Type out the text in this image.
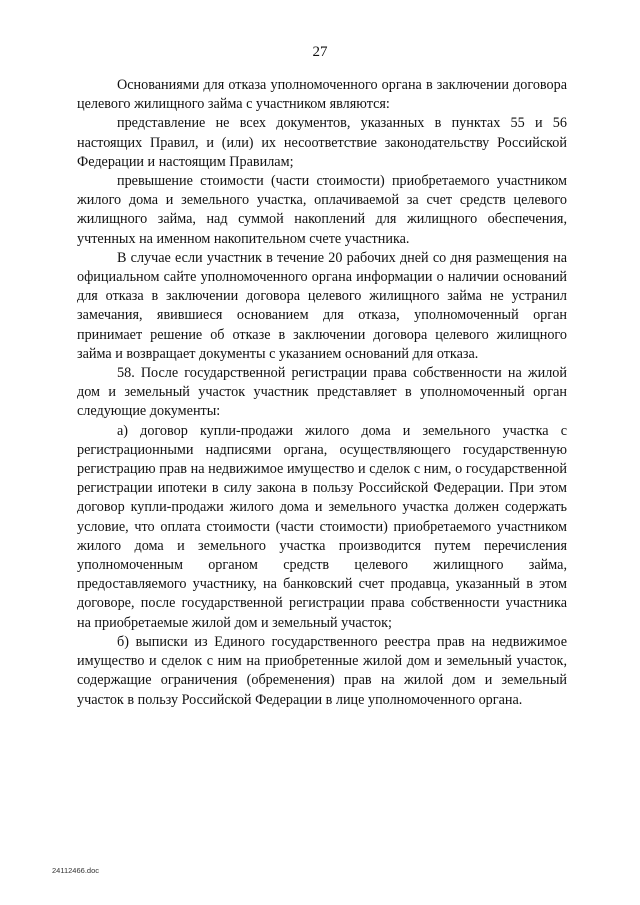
27

Основаниями для отказа уполномоченного органа в заключении договора целевого жилищного займа с участником являются:

представление не всех документов, указанных в пунктах 55 и 56 настоящих Правил, и (или) их несоответствие законодательству Российской Федерации и настоящим Правилам;

превышение стоимости (части стоимости) приобретаемого участником жилого дома и земельного участка, оплачиваемой за счет средств целевого жилищного займа, над суммой накоплений для жилищного обеспечения, учтенных на именном накопительном счете участника.

В случае если участник в течение 20 рабочих дней со дня размещения на официальном сайте уполномоченного органа информации о наличии оснований для отказа в заключении договора целевого жилищного займа не устранил замечания, явившиеся основанием для отказа, уполномоченный орган принимает решение об отказе в заключении договора целевого жилищного займа и возвращает документы с указанием оснований для отказа.

58. После государственной регистрации права собственности на жилой дом и земельный участок участник представляет в уполномоченный орган следующие документы:

а) договор купли-продажи жилого дома и земельного участка с регистрационными надписями органа, осуществляющего государственную регистрацию прав на недвижимое имущество и сделок с ним, о государственной регистрации ипотеки в силу закона в пользу Российской Федерации. При этом договор купли-продажи жилого дома и земельного участка должен содержать условие, что оплата стоимости (части стоимости) приобретаемого участником жилого дома и земельного участка производится путем перечисления уполномоченным органом средств целевого жилищного займа, предоставляемого участнику, на банковский счет продавца, указанный в этом договоре, после государственной регистрации права собственности участника на приобретаемые жилой дом и земельный участок;

б) выписки из Единого государственного реестра прав на недвижимое имущество и сделок с ним на приобретенные жилой дом и земельный участок, содержащие ограничения (обременения) прав на жилой дом и земельный участок в пользу Российской Федерации в лице уполномоченного органа.

24112466.doc
